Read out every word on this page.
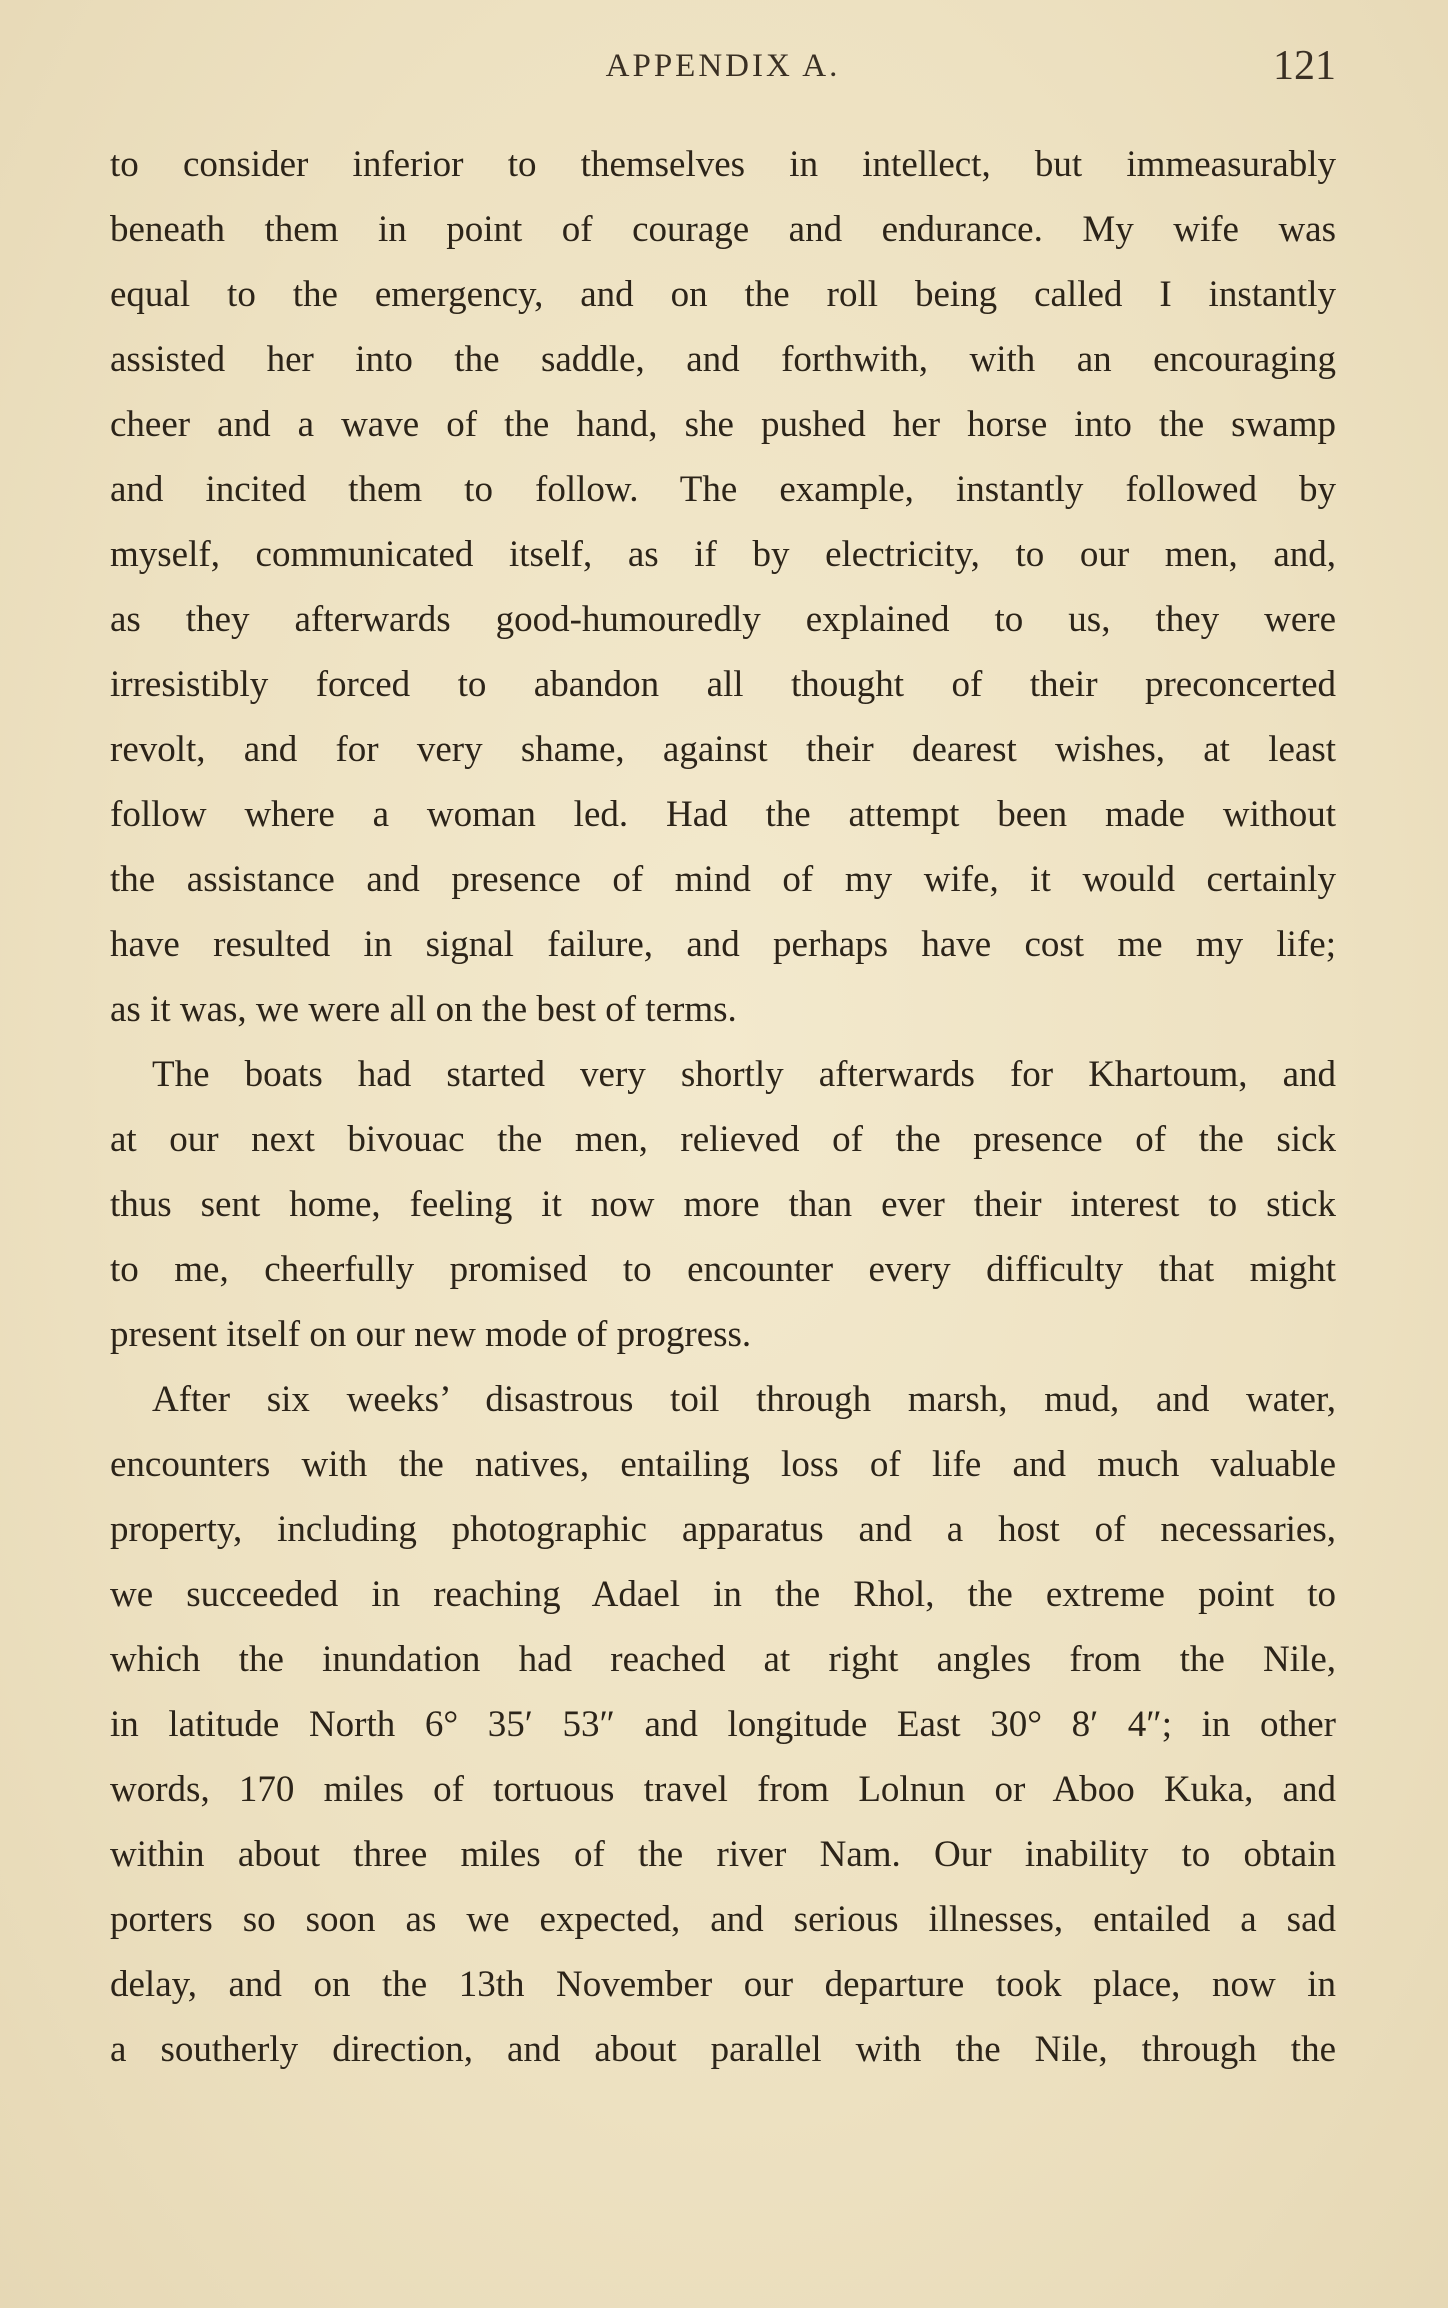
APPENDIX A.	121
to consider inferior to themselves in intellect, but immeasurably
beneath them in point of courage and endurance. My wife was
equal to the emergency, and on the roll being called I instantly
assisted her into the saddle, and forthwith, with an encouraging
cheer and a wave of the hand, she pushed her horse into the swamp
and incited them to follow. The example, instantly followed by
myself, communicated itself, as if by electricity, to our men, and,
as they afterwards good-humouredly explained to us, they were
irresistibly forced to abandon all thought of their preconcerted
revolt, and for very shame, against their dearest wishes, at least
follow where a woman led. Had the attempt been made without
the assistance and presence of mind of my wife, it would certainly
have resulted in signal failure, and perhaps have cost me my life;
as it was, we were all on the best of terms.
The boats had started very shortly afterwards for Khartoum, and
at our next bivouac the men, relieved of the presence of the sick
thus sent home, feeling it now more than ever their interest to stick
to me, cheerfully promised to encounter every difficulty that might
present itself on our new mode of progress.
After six weeks’ disastrous toil through marsh, mud, and water,
encounters with the natives, entailing loss of life and much valuable
property, including photographic apparatus and a host of necessaries,
we succeeded in reaching Adael in the Rhol, the extreme point to
which the inundation had reached at right angles from the Nile,
in latitude North 6° 35′ 53″ and longitude East 30° 8′ 4″; in other
words, 170 miles of tortuous travel from Lolnun or Aboo Kuka, and
within about three miles of the river Nam. Our inability to obtain
porters so soon as we expected, and serious illnesses, entailed a sad
delay, and on the 13th November our departure took place, now in
a southerly direction, and about parallel with the Nile, through the
